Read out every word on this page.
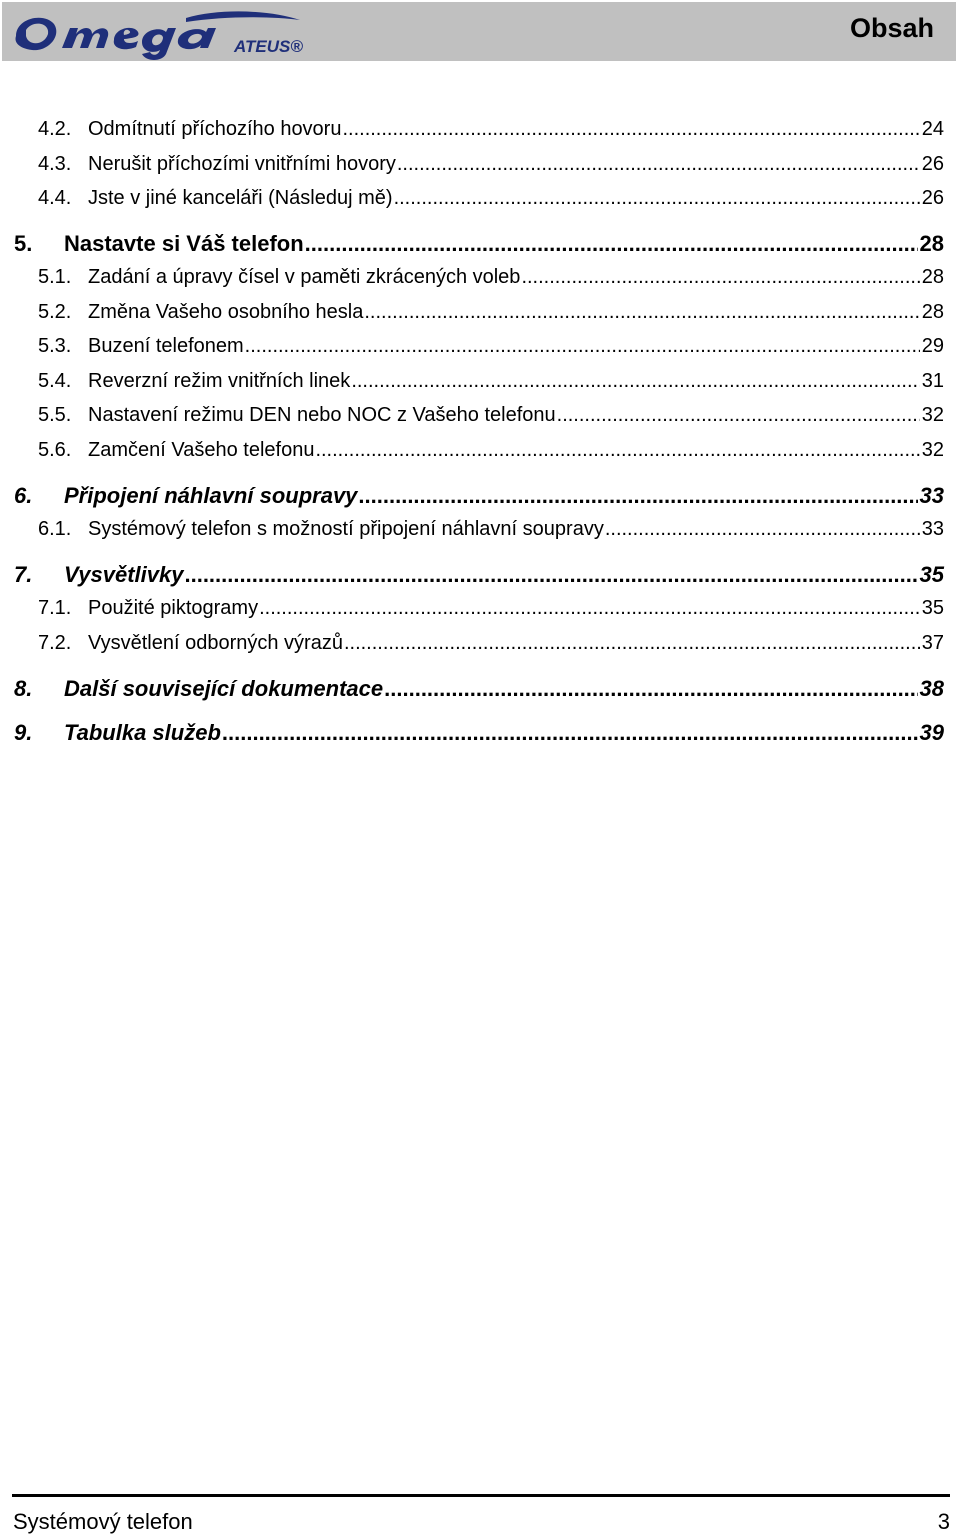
ATEUS®
Obsah
4.2. Odmítnutí příchozího hovoru .....	24
4.3. Nerušit příchozími vnitřními hovory .....	26
4.4. Jste v jiné kanceláři (Následuj mě) .....	26
5.	Nastavte si Váš telefon .....	28
5.1. Zadání a úpravy čísel v paměti zkrácených voleb .....	28
5.2. Změna Vašeho osobního hesla .....	28
5.3. Buzení telefonem .....	29
5.4. Reverzní režim vnitřních linek .....	31
5.5. Nastavení režimu DEN nebo NOC z Vašeho telefonu .....	32
5.6. Zamčení Vašeho telefonu .....	32
6.	Připojení náhlavní soupravy .....	33
6.1. Systémový telefon s možností připojení náhlavní soupravy .....	33
7.	Vysvětlivky .....	35
7.1. Použité piktogramy .....	35
7.2. Vysvětlení odborných výrazů .....	37
8.	Další související dokumentace .....	38
9.	Tabulka služeb .....	39
Systémový telefon	3
